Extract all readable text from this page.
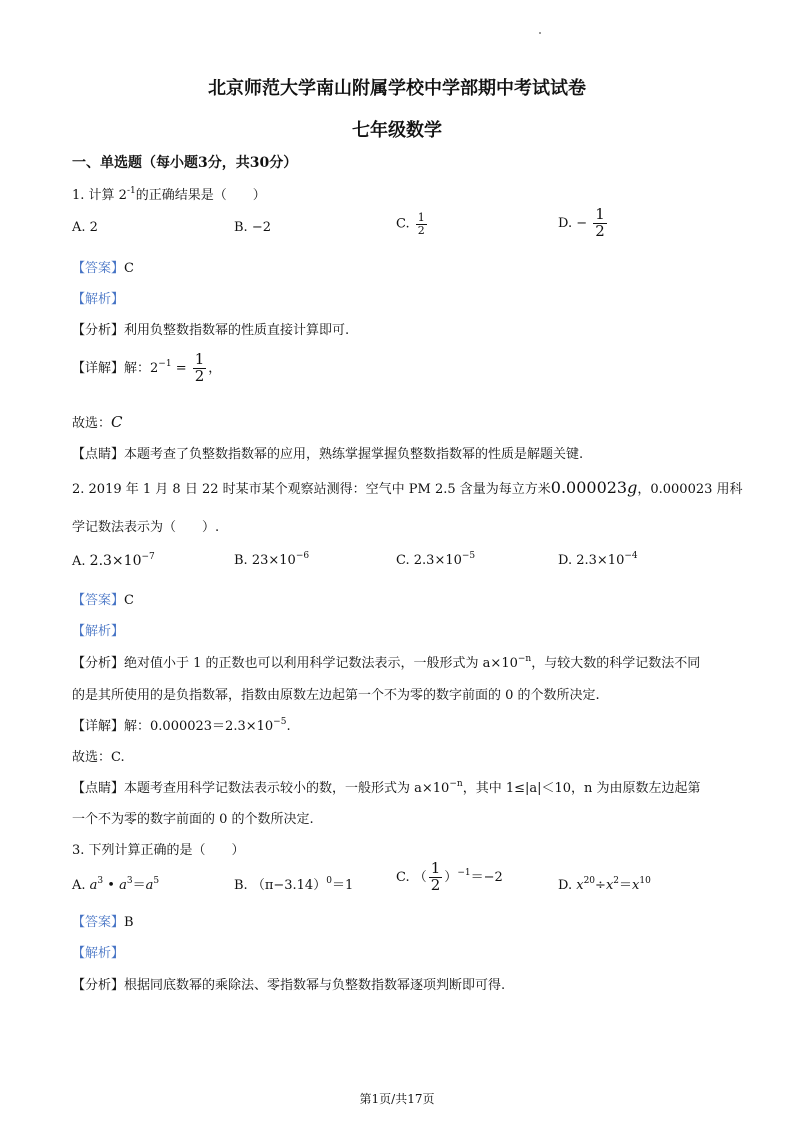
北京师范大学南山附属学校中学部期中考试试卷
七年级数学
一、单选题（每小题3分，共30分）
1. 计算 $2^{-1}$的正确结果是（　　）
A. 2	B. −2	C. $\frac{1}{2}$	D. − $\frac{1}{2}$
【答案】C
【解析】
【分析】利用负整数指数幂的性质直接计算即可.
【详解】解：$2^{-1} = \frac{1}{2}$ ，
故选：C
【点睛】本题考查了负整数指数幂的应用，熟练掌握掌握负整数指数幂的性质是解题关键.
2. 2019 年 1 月 8 日 22 时某市某个观察站测得：空气中 PM 2.5 含量为每立方米0.000023g，0.000023 用科
学记数法表示为（　　）.
A. $2.3\times 10^{-7}$	B. $23\times 10^{-6}$	C. $2.3\times 10^{-5}$	D. $2.3\times 10^{-4}$
【答案】C
【解析】
【分析】绝对值小于 1 的正数也可以利用科学记数法表示，一般形式为 $a\times 10^{-n}$，与较大数的科学记数法不同
的是其所使用的是负指数幂，指数由原数左边起第一个不为零的数字前面的 0 的个数所决定.
【详解】解：$0.000023=2.3\times 10^{-5}$.
故选：C.
【点睛】本题考查用科学记数法表示较小的数，一般形式为 $a\times 10^{-n}$，其中 1≤|a|＜10，n 为由原数左边起第
一个不为零的数字前面的 0 的个数所决定.
3. 下列计算正确的是（　　）
A. $a^3$ • $a^3=a^5$	B. $(\pi-3.14)^0=1$
C. （ $\frac{1}{2} )^{-1}=-2$
D. $x^{20}\div x^2=x^{10}$
【答案】B
【解析】
【分析】根据同底数幂的乘除法、零指数幂与负整数指数幂逐项判断即可得.
第1页/共17页
